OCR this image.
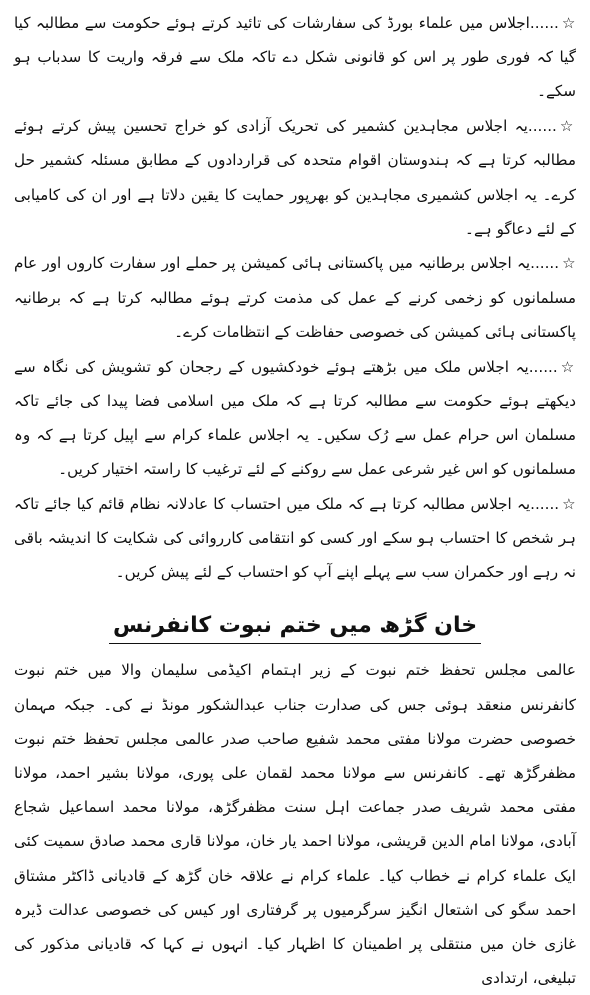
☆......اجلاس میں علماء بورڈ کی سفارشات کی تائید کرتے ہوئے حکومت سے مطالبہ کیا گیا کہ فوری طور پر اس کو قانونی شکل دے تاکہ ملک سے فرقہ واریت کا سدباب ہو سکے۔

☆......یہ اجلاس مجاہدین کشمیر کی تحریک آزادی کو خراج تحسین پیش کرتے ہوئے مطالبہ کرتا ہے کہ ہندوستان اقوام متحدہ کی قراردادوں کے مطابق مسئلہ کشمیر حل کرے۔ یہ اجلاس کشمیری مجاہدین کو بھرپور حمایت کا یقین دلاتا ہے اور ان کی کامیابی کے لئے دعاگو ہے۔

☆......یہ اجلاس برطانیہ میں پاکستانی ہائی کمیشن پر حملے اور سفارت کاروں اور عام مسلمانوں کو زخمی کرنے کے عمل کی مذمت کرتے ہوئے مطالبہ کرتا ہے کہ برطانیہ پاکستانی ہائی کمیشن کی خصوصی حفاظت کے انتظامات کرے۔

☆......یہ اجلاس ملک میں بڑھتے ہوئے خودکشیوں کے رجحان کو تشویش کی نگاہ سے دیکھتے ہوئے حکومت سے مطالبہ کرتا ہے کہ ملک میں اسلامی فضا پیدا کی جائے تاکہ مسلمان اس حرام عمل سے رُک سکیں۔ یہ اجلاس علماء کرام سے اپیل کرتا ہے کہ وہ مسلمانوں کو اس غیر شرعی عمل سے روکنے کے لئے ترغیب کا راستہ اختیار کریں۔

☆......یہ اجلاس مطالبہ کرتا ہے کہ ملک میں احتساب کا عادلانہ نظام قائم کیا جائے تاکہ ہر شخص کا احتساب ہو سکے اور کسی کو انتقامی کارروائی کی شکایت کا اندیشہ باقی نہ رہے اور حکمران سب سے پہلے اپنے آپ کو احتساب کے لئے پیش کریں۔

خان گڑھ میں ختم نبوت کانفرنس

عالمی مجلس تحفظ ختم نبوت کے زیر اہتمام اکیڈمی سلیمان والا میں ختم نبوت کانفرنس منعقد ہوئی جس کی صدارت جناب عبدالشکور مونڈ نے کی۔ جبکہ مہمان خصوصی حضرت مولانا مفتی محمد شفیع صاحب صدر عالمی مجلس تحفظ ختم نبوت مظفرگڑھ تھے۔ کانفرنس سے مولانا محمد لقمان علی پوری، مولانا بشیر احمد، مولانا مفتی محمد شریف صدر جماعت اہل سنت مظفرگڑھ، مولانا محمد اسماعیل شجاع آبادی، مولانا امام الدین قریشی، مولانا احمد یار خان، مولانا قاری محمد صادق سمیت کئی ایک علماء کرام نے خطاب کیا۔ علماء کرام نے علاقہ خان گڑھ کے قادیانی ڈاکٹر مشتاق احمد سگو کی اشتعال انگیز سرگرمیوں پر گرفتاری اور کیس کی خصوصی عدالت ڈیرہ غازی خان میں منتقلی پر اطمینان کا اظہار کیا۔ انہوں نے کہا کہ قادیانی مذکور کی تبلیغی، ارتدادی
